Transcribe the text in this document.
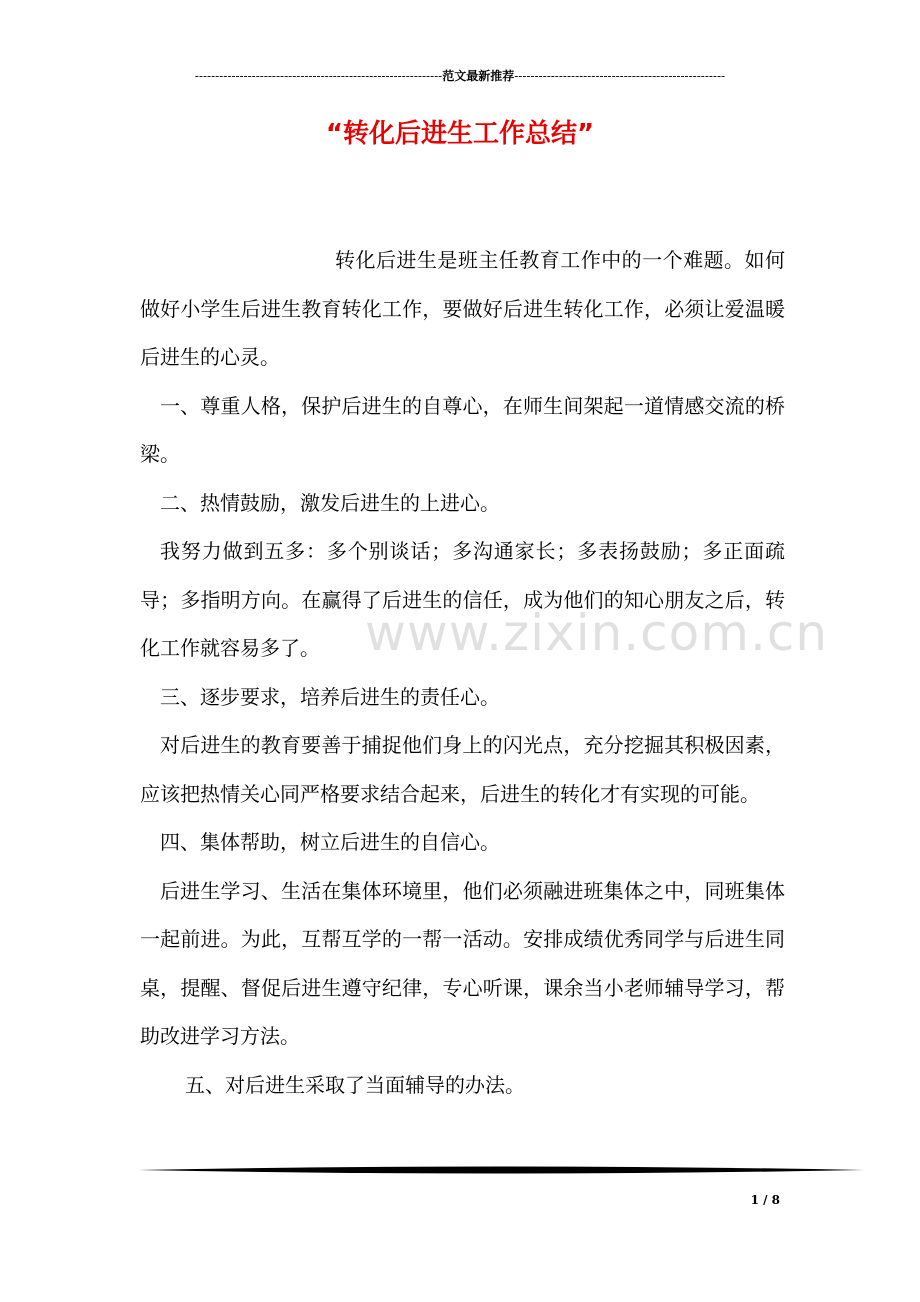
-------------------------------------------------------------范文最新推荐----------------------------------------------------
“转化后进生工作总结”
www.zixin.com.cn

转化后进生是班主任教育工作中的一个难题。如何做好小学生后进生教育转化工作，要做好后进生转化工作，必须让爱温暖后进生的心灵。

一、尊重人格，保护后进生的自尊心，在师生间架起一道情感交流的桥梁。

二、热情鼓励，激发后进生的上进心。

我努力做到五多：多个别谈话；多沟通家长；多表扬鼓励；多正面疏导；多指明方向。在赢得了后进生的信任，成为他们的知心朋友之后，转化工作就容易多了。

三、逐步要求，培养后进生的责任心。

对后进生的教育要善于捕捉他们身上的闪光点，充分挖掘其积极因素，应该把热情关心同严格要求结合起来，后进生的转化才有实现的可能。

四、集体帮助，树立后进生的自信心。

后进生学习、生活在集体环境里，他们必须融进班集体之中，同班集体一起前进。为此，互帮互学的一帮一活动。安排成绩优秀同学与后进生同桌，提醒、督促后进生遵守纪律，专心听课，课余当小老师辅导学习，帮助改进学习方法。

五、对后进生采取了当面辅导的办法。

1 / 8
